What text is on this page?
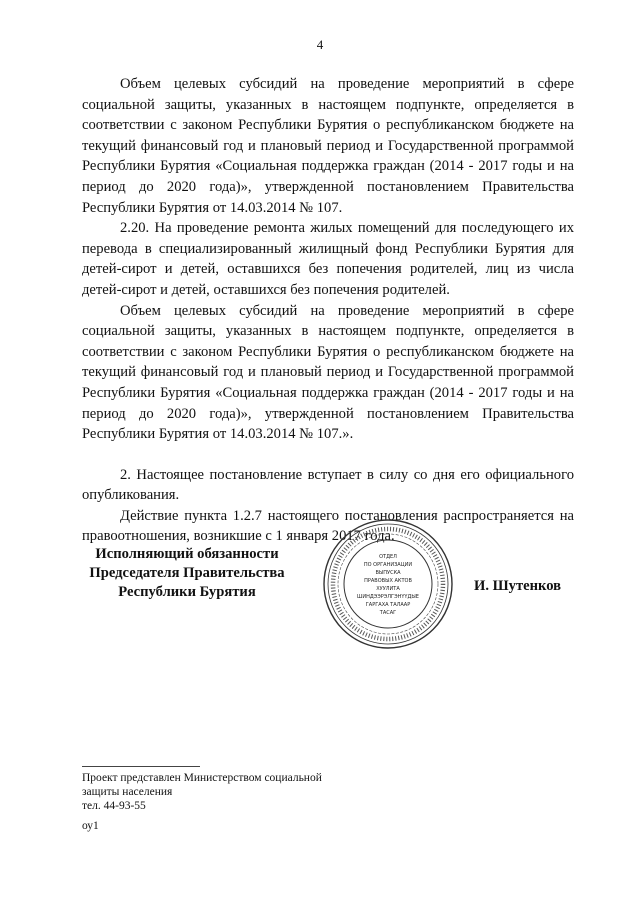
4

Объем целевых субсидий на проведение мероприятий в сфере социальной защиты, указанных в настоящем подпункте, определяется в соответствии с законом Республики Бурятия о республиканском бюджете на текущий финансовый год и плановый период и Государственной программой Республики Бурятия «Социальная поддержка граждан (2014 - 2017 годы и на период до 2020 года)», утвержденной постановлением Правительства Республики Бурятия от 14.03.2014 № 107.

2.20. На проведение ремонта жилых помещений для последующего их перевода в специализированный жилищный фонд Республики Бурятия для детей-сирот и детей, оставшихся без попечения родителей, лиц из числа детей-сирот и детей, оставшихся без попечения родителей.

Объем целевых субсидий на проведение мероприятий в сфере социальной защиты, указанных в настоящем подпункте, определяется в соответствии с законом Республики Бурятия о республиканском бюджете на текущий финансовый год и плановый период и Государственной программой Республики Бурятия «Социальная поддержка граждан (2014 - 2017 годы и на период до 2020 года)», утвержденной постановлением Правительства Республики Бурятия от 14.03.2014 № 107.».

2. Настоящее постановление вступает в силу со дня его официального опубликования.

Действие пункта 1.2.7 настоящего постановления распространяется на правоотношения, возникшие с 1 января 2017 года.

Исполняющий обязанности
Председателя Правительства
Республики Бурятия
ОТДЕЛ
ПО ОРГАНИЗАЦИИ
ВЫПУСКА
ПРАВОВЫХ АКТОВ
ХУУЛИТА
ШИНДЭЭРЭЛГЭНҮҮДЫЕ
ГАРГАХА ТАЛААР
ТАСАГ
И. Шутенков
Проект представлен Министерством социальной
защиты населения
тел. 44-93-55
оу1
